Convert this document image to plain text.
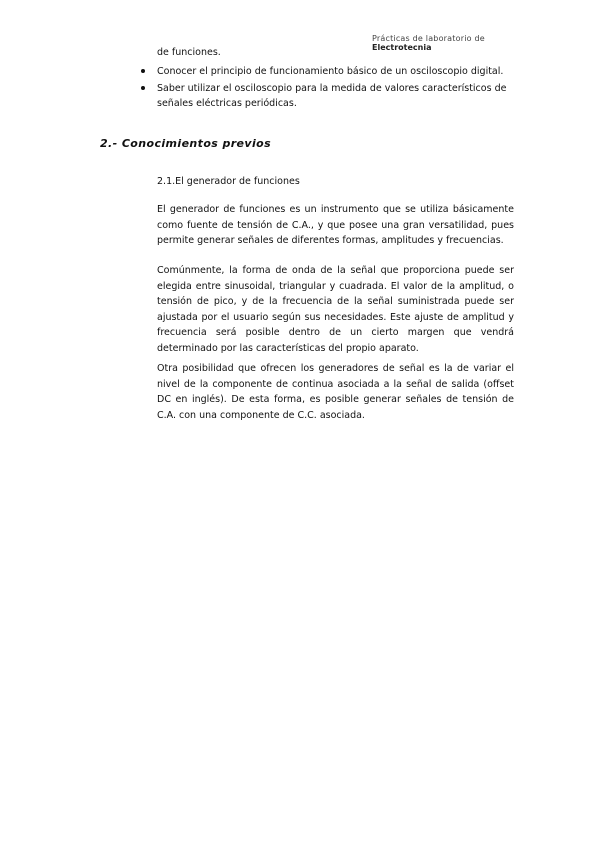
Prácticas de laboratorio de
Electrotecnia
de funciones.
Conocer el principio de funcionamiento básico de un osciloscopio digital.
Saber utilizar el osciloscopio para la medida de valores característicos de señales eléctricas periódicas.
2.- Conocimientos previos
2.1.El generador de funciones

El generador de funciones es un instrumento que se utiliza básicamente como fuente de tensión de C.A., y que posee una gran versatilidad, pues permite generar señales de diferentes formas, amplitudes y frecuencias.

Comúnmente, la forma de onda de la señal que proporciona puede ser elegida entre sinusoidal, triangular y cuadrada. El valor de la amplitud, o tensión de pico, y de la frecuencia de la señal suministrada puede ser ajustada por el usuario según sus necesidades. Este ajuste de amplitud y frecuencia será posible dentro de un cierto margen que vendrá determinado por las características del propio aparato.

Otra posibilidad que ofrecen los generadores de señal es la de variar el nivel de la componente de continua asociada a la señal de salida (offset DC en inglés). De esta forma, es posible generar señales de tensión de C.A. con una componente de C.C. asociada.
